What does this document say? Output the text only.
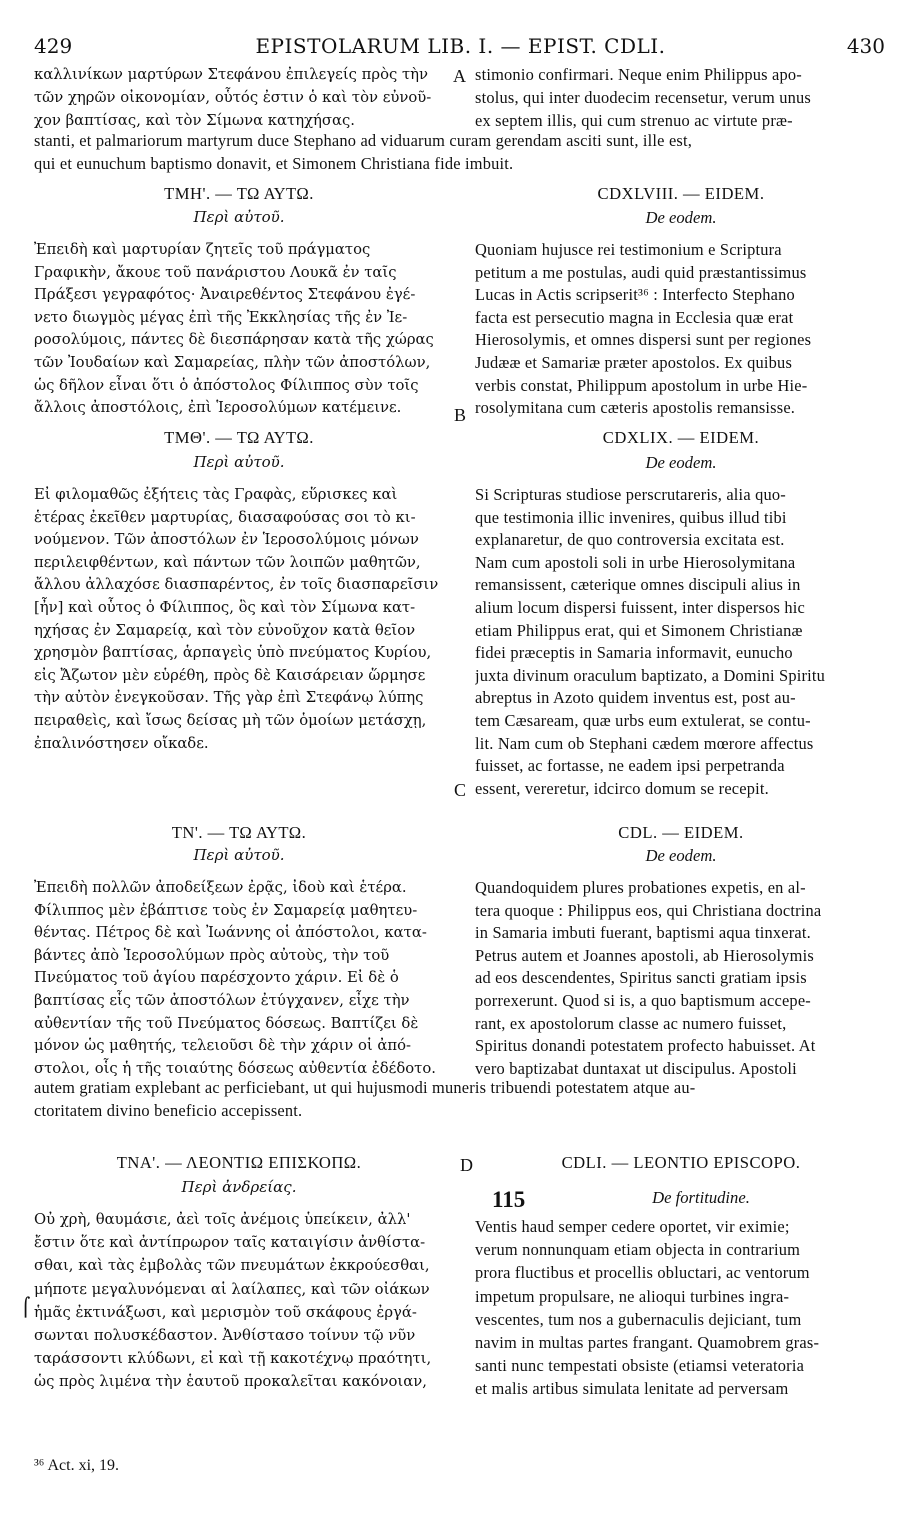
429	EPISTOLARUM LIB. I. — EPIST. CDLI.	430
A
B
C
D
115
⌠
καλλινίκων μαρτύρων Στεφάνου ἐπιλεγείς πρὸς τὴν
τῶν χηρῶν οἰκονομίαν, οὗτός ἐστιν ὁ καὶ τὸν εὐνοῦ-
χον βαπτίσας, καὶ τὸν Σίμωνα κατηχήσας.
stimonio confirmari. Neque enim Philippus apo-
stolus, qui inter duodecim recensetur, verum unus
ex septem illis, qui cum strenuo ac virtute præ-
stanti, et palmariorum martyrum duce Stephano ad viduarum curam gerendam asciti sunt, ille est,
qui et eunuchum baptismo donavit, et Simonem Christiana fide imbuit.
ΤΜΗ'. — ΤΩ ΑΥΤΩ.
Περὶ αὐτοῦ.
CDXLVIII. — EIDEM.
De eodem.
Ἐπειδὴ καὶ μαρτυρίαν ζητεῖς τοῦ πράγματος
Γραφικὴν, ἄκουε τοῦ πανάριστου Λουκᾶ ἐν ταῖς
Πράξεσι γεγραφότος· Ἀναιρεθέντος Στεφάνου ἐγέ-
νετο διωγμὸς μέγας ἐπὶ τῆς Ἐκκλησίας τῆς ἐν Ἰε-
ροσολύμοις, πάντες δὲ διεσπάρησαν κατὰ τῆς χώρας
τῶν Ἰουδαίων καὶ Σαμαρείας, πλὴν τῶν ἀποστόλων,
ὡς δῆλον εἶναι ὅτι ὁ ἀπόστολος Φίλιππος σὺν τοῖς
ἄλλοις ἀποστόλοις, ἐπὶ Ἱεροσολύμων κατέμεινε.
Quoniam hujusce rei testimonium e Scriptura
petitum a me postulas, audi quid præstantissimus
Lucas in Actis scripserit³⁶ : Interfecto Stephano
facta est persecutio magna in Ecclesia quæ erat
Hierosolymis, et omnes dispersi sunt per regiones
Judææ et Samariæ præter apostolos. Ex quibus
verbis constat, Philippum apostolum in urbe Hie-
rosolymitana cum cæteris apostolis remansisse.
ΤΜΘ'. — ΤΩ ΑΥΤΩ.
Περὶ αὐτοῦ.
CDXLIX. — EIDEM.
De eodem.
Εἰ φιλομαθῶς ἐξήτεις τὰς Γραφὰς, εὕρισκες καὶ
ἑτέρας ἐκεῖθεν μαρτυρίας, διασαφούσας σοι τὸ κι-
νούμενον. Τῶν ἀποστόλων ἐν Ἱεροσολύμοις μόνων
περιλειφθέντων, καὶ πάντων τῶν λοιπῶν μαθητῶν,
ἄλλου ἀλλαχόσε διασπαρέντος, ἐν τοῖς διασπαρεῖσιν
[ἦν] καὶ οὗτος ὁ Φίλιππος, ὃς καὶ τὸν Σίμωνα κατ-
ηχήσας ἐν Σαμαρείᾳ, καὶ τὸν εὐνοῦχον κατὰ θεῖον
χρησμὸν βαπτίσας, ἁρπαγεὶς ὑπὸ πνεύματος Κυρίου,
εἰς Ἄζωτον μὲν εὑρέθη, πρὸς δὲ Καισάρειαν ὥρμησε
τὴν αὐτὸν ἐνεγκοῦσαν. Τῆς γὰρ ἐπὶ Στεφάνῳ λύπης
πειραθεὶς, καὶ ἴσως δείσας μὴ τῶν ὁμοίων μετάσχῃ,
ἐπαλινόστησεν οἴκαδε.
Si Scripturas studiose perscrutareris, alia quo-
que testimonia illic invenires, quibus illud tibi
explanaretur, de quo controversia excitata est.
Nam cum apostoli soli in urbe Hierosolymitana
remansissent, cæterique omnes discipuli alius in
alium locum dispersi fuissent, inter dispersos hic
etiam Philippus erat, qui et Simonem Christianæ
fidei præceptis in Samaria informavit, eunucho
juxta divinum oraculum baptizato, a Domini Spiritu
abreptus in Azoto quidem inventus est, post au-
tem Cæsaream, quæ urbs eum extulerat, se contu-
lit. Nam cum ob Stephani cædem mœrore affectus
fuisset, ac fortasse, ne eadem ipsi perpetranda
essent, vereretur, idcirco domum se recepit.
ΤΝ'. — ΤΩ ΑΥΤΩ.
Περὶ αὐτοῦ.
CDL. — EIDEM.
De eodem.
Ἐπειδὴ πολλῶν ἀποδείξεων ἐρᾷς, ἰδοὺ καὶ ἑτέρα.
Φίλιππος μὲν ἐβάπτισε τοὺς ἐν Σαμαρείᾳ μαθητευ-
θέντας. Πέτρος δὲ καὶ Ἰωάννης οἱ ἀπόστολοι, κατα-
βάντες ἀπὸ Ἱεροσολύμων πρὸς αὐτοὺς, τὴν τοῦ
Πνεύματος τοῦ ἁγίου παρέσχοντο χάριν. Εἰ δὲ ὁ
βαπτίσας εἷς τῶν ἀποστόλων ἐτύγχανεν, εἶχε τὴν
αὐθεντίαν τῆς τοῦ Πνεύματος δόσεως. Βαπτίζει δὲ
μόνον ὡς μαθητής, τελειοῦσι δὲ τὴν χάριν οἱ ἀπό-
στολοι, οἷς ἡ τῆς τοιαύτης δόσεως αὐθεντία ἐδέδοτο.
Quandoquidem plures probationes expetis, en al-
tera quoque : Philippus eos, qui Christiana doctrina
in Samaria imbuti fuerant, baptismi aqua tinxerat.
Petrus autem et Joannes apostoli, ab Hierosolymis
ad eos descendentes, Spiritus sancti gratiam ipsis
porrexerunt. Quod si is, a quo baptismum accepe-
rant, ex apostolorum classe ac numero fuisset,
Spiritus donandi potestatem profecto habuisset. At
vero baptizabat duntaxat ut discipulus. Apostoli
autem gratiam explebant ac perficiebant, ut qui hujusmodi muneris tribuendi potestatem atque au-
ctoritatem divino beneficio accepissent.
ΤΝΑ'. — ΛΕΟΝΤΙΩ ΕΠΙΣΚΟΠΩ.
Περὶ ἀνδρείας.
CDLI. — LEONTIO EPISCOPO.
De fortitudine.
Οὐ χρὴ, θαυμάσιε, ἀεὶ τοῖς ἀνέμοις ὑπείκειν, ἀλλ'
ἔστιν ὅτε καὶ ἀντίπρωρον ταῖς καταιγίσιν ἀνθίστα-
σθαι, καὶ τὰς ἐμβολὰς τῶν πνευμάτων ἐκκρούεσθαι,
μήποτε μεγαλυνόμεναι αἱ λαίλαπες, καὶ τῶν οἰάκων
ἡμᾶς ἐκτινάξωσι, καὶ μερισμὸν τοῦ σκάφους ἐργά-
σωνται πολυσκέδαστον. Ἀνθίστασο τοίνυν τῷ νῦν
ταράσσοντι κλύδωνι, εἰ καὶ τῇ κακοτέχνῳ πραότητι,
ὡς πρὸς λιμένα τὴν ἑαυτοῦ προκαλεῖται κακόνοιαν,
Ventis haud semper cedere oportet, vir eximie;
verum nonnunquam etiam objecta in contrarium
prora fluctibus et procellis obluctari, ac ventorum
impetum propulsare, ne alioqui turbines ingra-
vescentes, tum nos a gubernaculis dejiciant, tum
navim in multas partes frangant. Quamobrem gras-
santi nunc tempestati obsiste (etiamsi veteratoria
et malis artibus simulata lenitate ad perversam
³⁶ Act. xi, 19.
